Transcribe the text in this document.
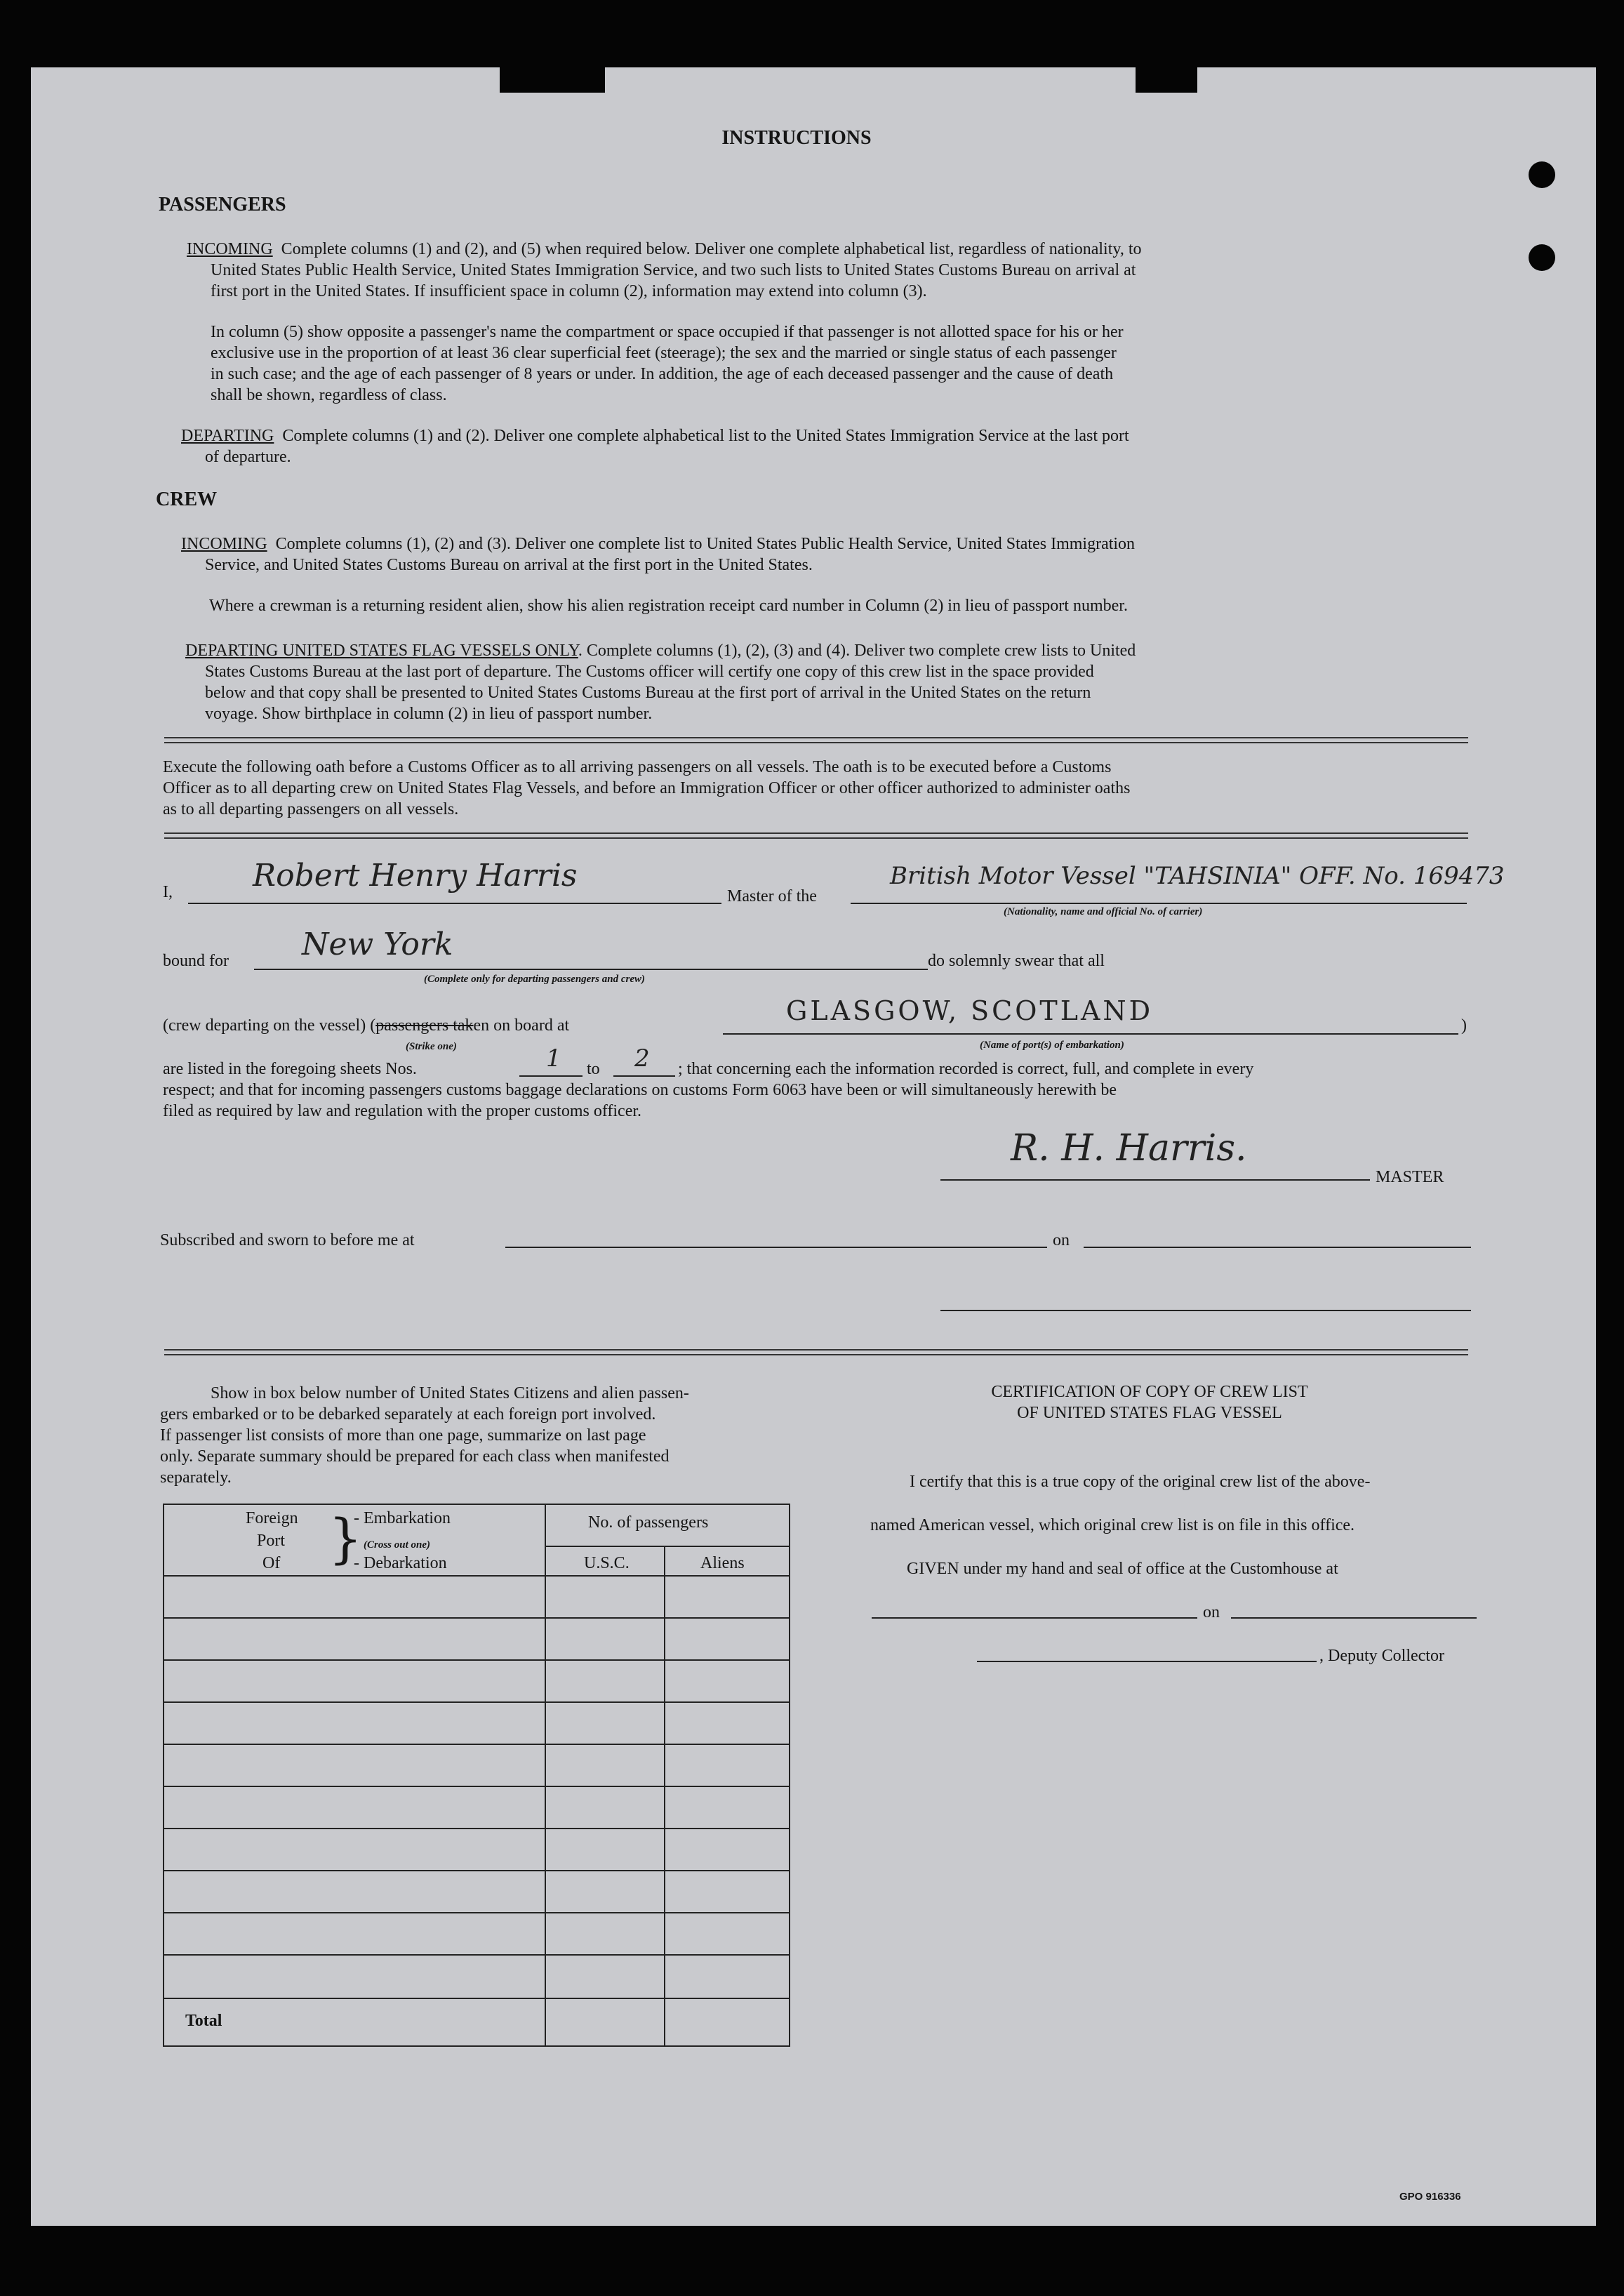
INSTRUCTIONS
PASSENGERS
INCOMING Complete columns (1) and (2), and (5) when required below. Deliver one complete alphabetical list, regardless of nationality, to
United States Public Health Service, United States Immigration Service, and two such lists to United States Customs Bureau on arrival at
first port in the United States. If insufficient space in column (2), information may extend into column (3).
In column (5) show opposite a passenger's name the compartment or space occupied if that passenger is not allotted space for his or her
exclusive use in the proportion of at least 36 clear superficial feet (steerage); the sex and the married or single status of each passenger
in such case; and the age of each passenger of 8 years or under. In addition, the age of each deceased passenger and the cause of death
shall be shown, regardless of class.
DEPARTING Complete columns (1) and (2). Deliver one complete alphabetical list to the United States Immigration Service at the last port
of departure.
CREW
INCOMING Complete columns (1), (2) and (3). Deliver one complete list to United States Public Health Service, United States Immigration
Service, and United States Customs Bureau on arrival at the first port in the United States.
Where a crewman is a returning resident alien, show his alien registration receipt card number in Column (2) in lieu of passport number.
DEPARTING UNITED STATES FLAG VESSELS ONLY. Complete columns (1), (2), (3) and (4). Deliver two complete crew lists to United
States Customs Bureau at the last port of departure. The Customs officer will certify one copy of this crew list in the space provided
below and that copy shall be presented to United States Customs Bureau at the first port of arrival in the United States on the return
voyage. Show birthplace in column (2) in lieu of passport number.
Execute the following oath before a Customs Officer as to all arriving passengers on all vessels. The oath is to be executed before a Customs
Officer as to all departing crew on United States Flag Vessels, and before an Immigration Officer or other officer authorized to administer oaths
as to all departing passengers on all vessels.
I,	Robert Henry Harris
Master of the
British Motor Vessel "TAHSINIA" OFF. No. 169473
(Nationality, name and official No. of carrier)
bound for New York
(Complete only for departing passengers and crew)
do solemnly swear that all
(crew departing on the vessel) (passengers taken on board at
(Strike one)
GLASGOW, SCOTLAND
(Name of port(s) of embarkation)
)
are listed in the foregoing sheets Nos.	1 to 2 ; that concerning each the information recorded is correct, full, and complete in every
respect; and that for incoming passengers customs baggage declarations on customs Form 6063 have been or will simultaneously herewith be
filed as required by law and regulation with the proper customs officer.
R. H. Harris.
MASTER
Subscribed and sworn to before me at	on
Show in box below number of United States Citizens and alien passen-
gers embarked or to be debarked separately at each foreign port involved.
If passenger list consists of more than one page, summarize on last page
only. Separate summary should be prepared for each class when manifested
separately.
Foreign
Port
Of }
- Embarkation
(Cross out one)
- Debarkation
No. of passengers
U.S.C.	Aliens
Total
CERTIFICATION OF COPY OF CREW LIST
OF UNITED STATES FLAG VESSEL
I certify that this is a true copy of the original crew list of the above-
named American vessel, which original crew list is on file in this office.
GIVEN under my hand and seal of office at the Customhouse at
on
, Deputy Collector
GPO 916336
